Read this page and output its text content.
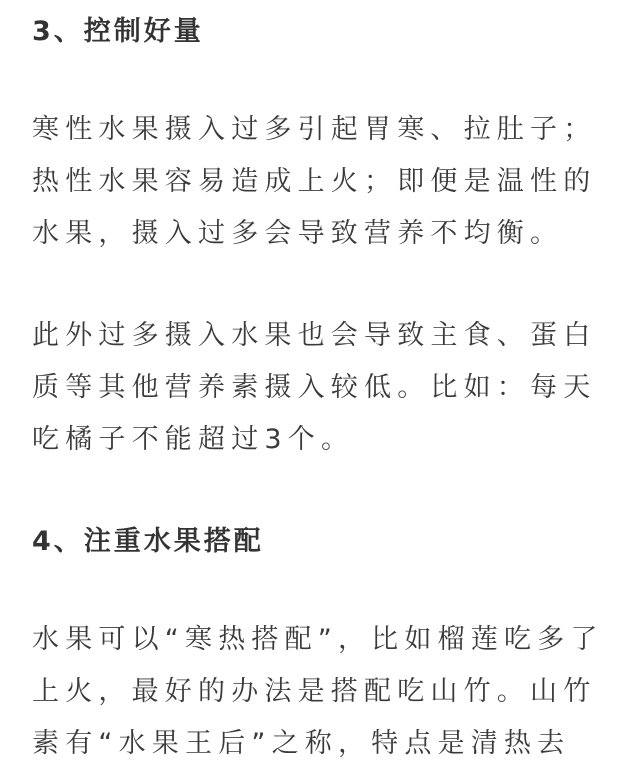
3、控制好量
寒性水果摄入过多引起胃寒、拉肚子；
热性水果容易造成上火；即便是温性的
水果，摄入过多会导致营养不均衡。
此外过多摄入水果也会导致主食、蛋白
质等其他营养素摄入较低。比如：每天
吃橘子不能超过3个。
4、注重水果搭配
水果可以“寒热搭配”，比如榴莲吃多了
上火，最好的办法是搭配吃山竹。山竹
素有“水果王后”之称，特点是清热去
